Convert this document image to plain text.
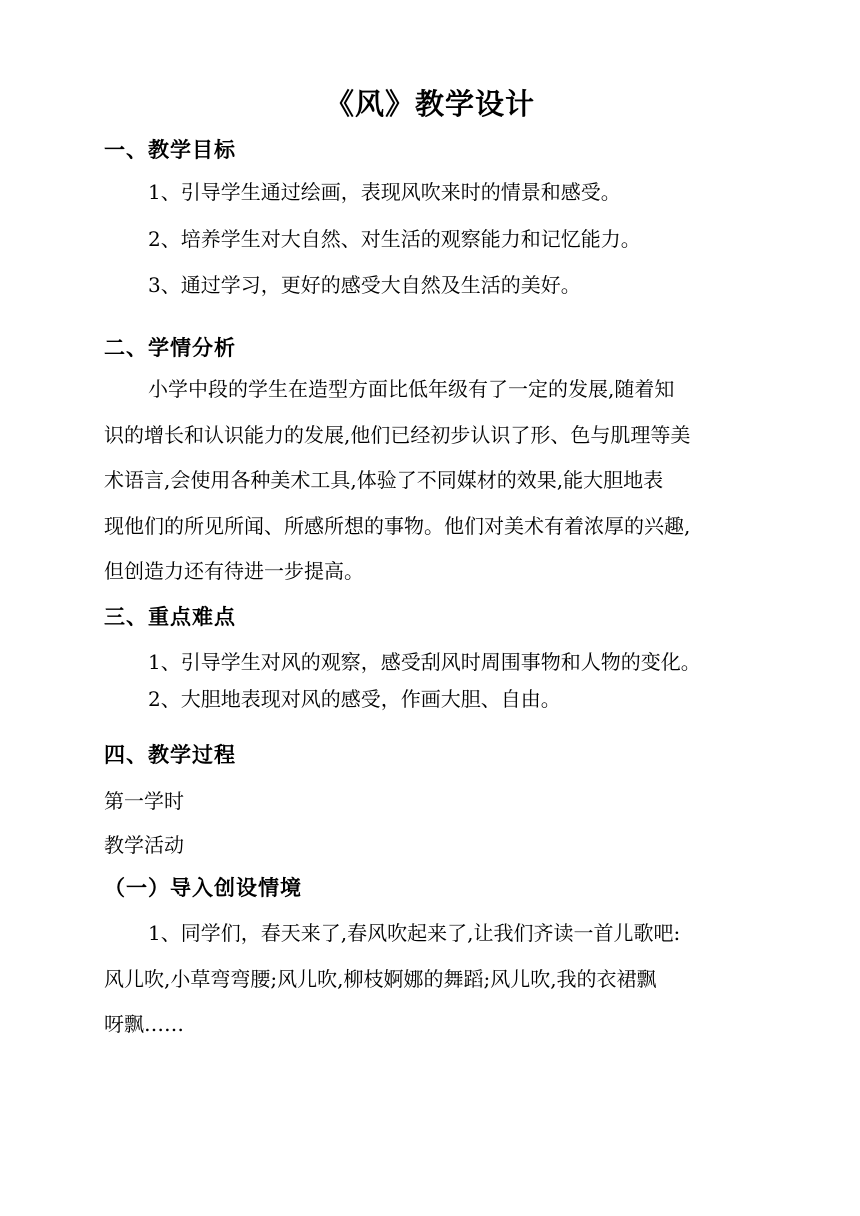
《风》教学设计
一、教学目标
1、引导学生通过绘画，表现风吹来时的情景和感受。
2、培养学生对大自然、对生活的观察能力和记忆能力。
3、通过学习，更好的感受大自然及生活的美好。
二、学情分析
小学中段的学生在造型方面比低年级有了一定的发展,随着知
识的增长和认识能力的发展,他们已经初步认识了形、色与肌理等美
术语言,会使用各种美术工具,体验了不同媒材的效果,能大胆地表
现他们的所见所闻、所感所想的事物。他们对美术有着浓厚的兴趣,
但创造力还有待进一步提高。
三、重点难点
1、引导学生对风的观察，感受刮风时周围事物和人物的变化。
2、大胆地表现对风的感受，作画大胆、自由。
四、教学过程
第一学时
教学活动
（一）导入创设情境
1、同学们，春天来了,春风吹起来了,让我们齐读一首儿歌吧:
风儿吹,小草弯弯腰;风儿吹,柳枝婀娜的舞蹈;风儿吹,我的衣裙飘
呀飘……
